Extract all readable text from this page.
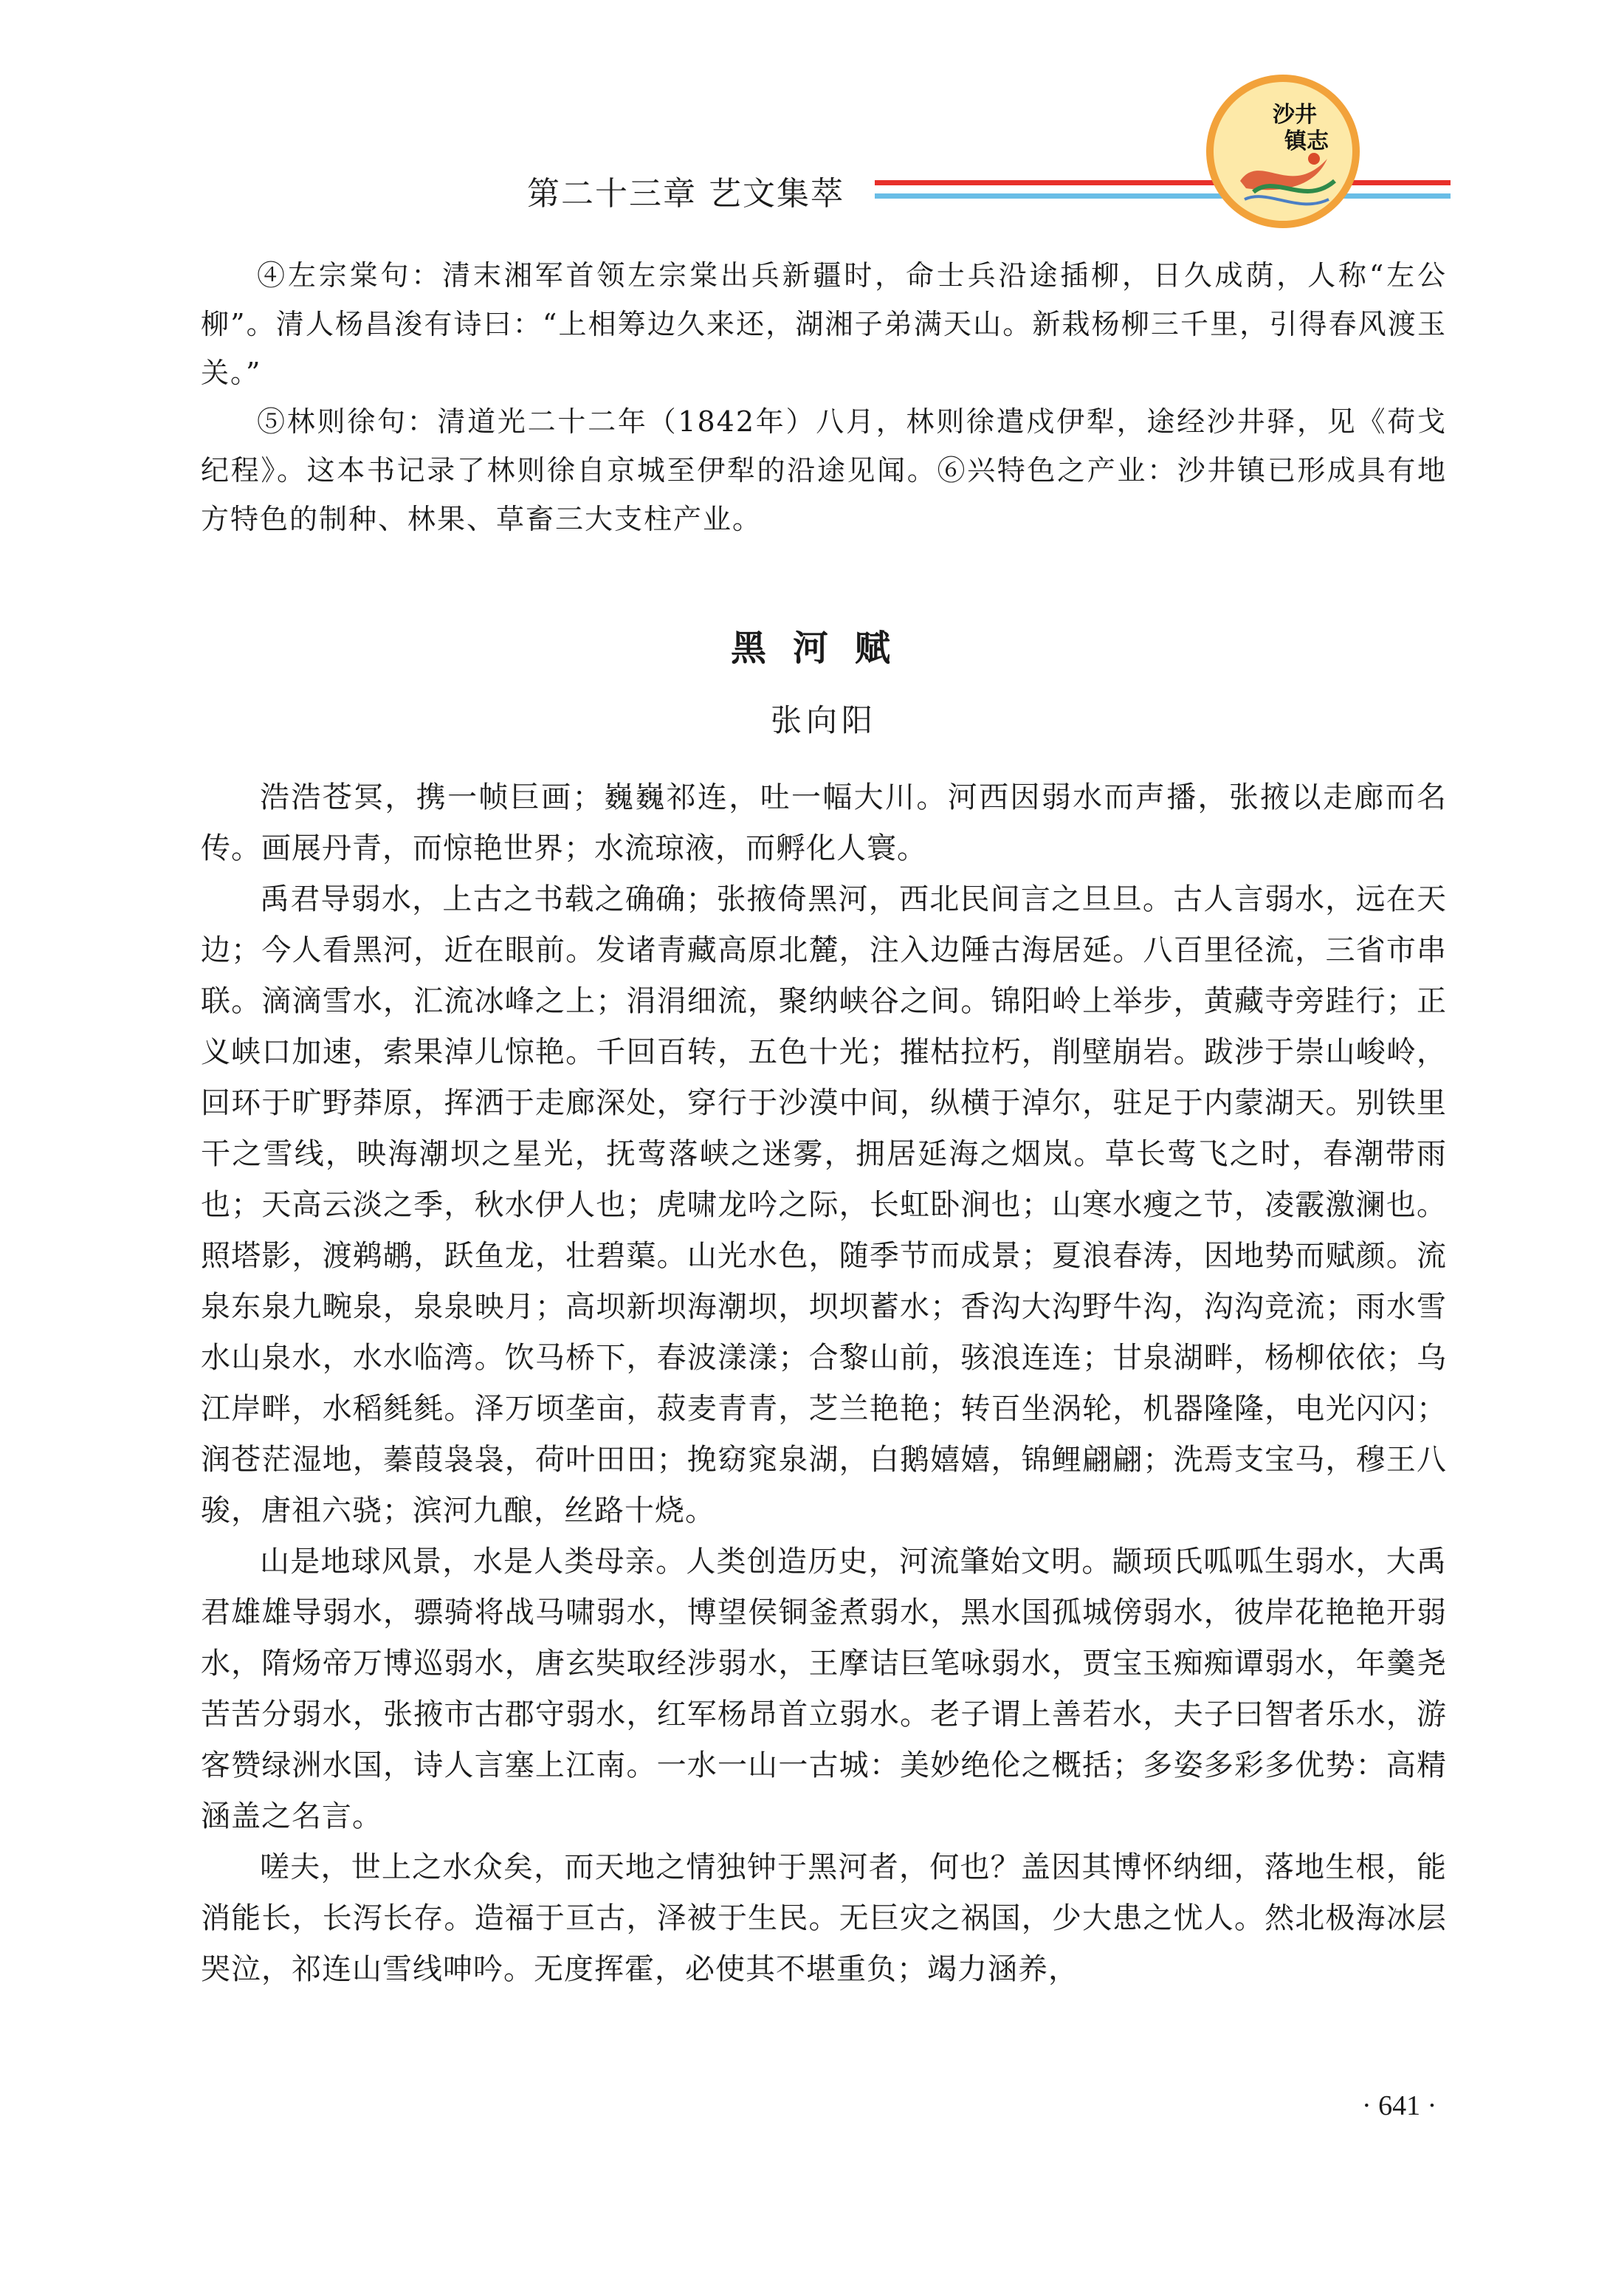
第二十三章 艺文集萃
沙井
镇志

④左宗棠句：清末湘军首领左宗棠出兵新疆时，命士兵沿途插柳，日久成荫，人称“左公柳”。清人杨昌浚有诗曰：“上相筹边久来还，湖湘子弟满天山。新栽杨柳三千里，引得春风渡玉关。”

⑤林则徐句：清道光二十二年（1842年）八月，林则徐遣戍伊犁，途经沙井驿，见《荷戈纪程》。这本书记录了林则徐自京城至伊犁的沿途见闻。⑥兴特色之产业：沙井镇已形成具有地方特色的制种、林果、草畜三大支柱产业。

黑河赋
张向阳

浩浩苍冥，携一帧巨画；巍巍祁连，吐一幅大川。河西因弱水而声播，张掖以走廊而名传。画展丹青，而惊艳世界；水流琼液，而孵化人寰。

禹君导弱水，上古之书载之确确；张掖倚黑河，西北民间言之旦旦。古人言弱水，远在天边；今人看黑河，近在眼前。发诸青藏高原北麓，注入边陲古海居延。八百里径流，三省市串联。滴滴雪水，汇流冰峰之上；涓涓细流，聚纳峡谷之间。锦阳岭上举步，黄藏寺旁跬行；正义峡口加速，索果淖儿惊艳。千回百转，五色十光；摧枯拉朽，削壁崩岩。跋涉于崇山峻岭，回环于旷野莽原，挥洒于走廊深处，穿行于沙漠中间，纵横于淖尔，驻足于内蒙湖天。别铁里干之雪线，映海潮坝之星光，抚莺落峡之迷雾，拥居延海之烟岚。草长莺飞之时，春潮带雨也；天高云淡之季，秋水伊人也；虎啸龙吟之际，长虹卧涧也；山寒水瘦之节，凌霰激澜也。照塔影，渡鹈鹕，跃鱼龙，壮碧蕖。山光水色，随季节而成景；夏浪春涛，因地势而赋颜。流泉东泉九畹泉，泉泉映月；高坝新坝海潮坝，坝坝蓄水；香沟大沟野牛沟，沟沟竞流；雨水雪水山泉水，水水临湾。饮马桥下，春波漾漾；合黎山前，骇浪连连；甘泉湖畔，杨柳依依；乌江岸畔，水稻毵毵。泽万顷垄亩，菽麦青青，芝兰艳艳；转百坐涡轮，机器隆隆，电光闪闪；润苍茫湿地，蓁葭袅袅，荷叶田田；挽窈窕泉湖，白鹅嬉嬉，锦鲤翩翩；洗焉支宝马，穆王八骏，唐祖六骁；滨河九酿，丝路十烧。

山是地球风景，水是人类母亲。人类创造历史，河流肇始文明。颛顼氏呱呱生弱水，大禹君雄雄导弱水，骠骑将战马啸弱水，博望侯铜釜煮弱水，黑水国孤城傍弱水，彼岸花艳艳开弱水，隋炀帝万博巡弱水，唐玄奘取经涉弱水，王摩诘巨笔咏弱水，贾宝玉痴痴谭弱水，年羹尧苦苦分弱水，张掖市古郡守弱水，红军杨昂首立弱水。老子谓上善若水，夫子曰智者乐水，游客赞绿洲水国，诗人言塞上江南。一水一山一古城：美妙绝伦之概括；多姿多彩多优势：高精涵盖之名言。

嗟夫，世上之水众矣，而天地之情独钟于黑河者，何也？盖因其博怀纳细，落地生根，能消能长，长泻长存。造福于亘古，泽被于生民。无巨灾之祸国，少大患之忧人。然北极海冰层哭泣，祁连山雪线呻吟。无度挥霍，必使其不堪重负；竭力涵养，

· 641 ·
